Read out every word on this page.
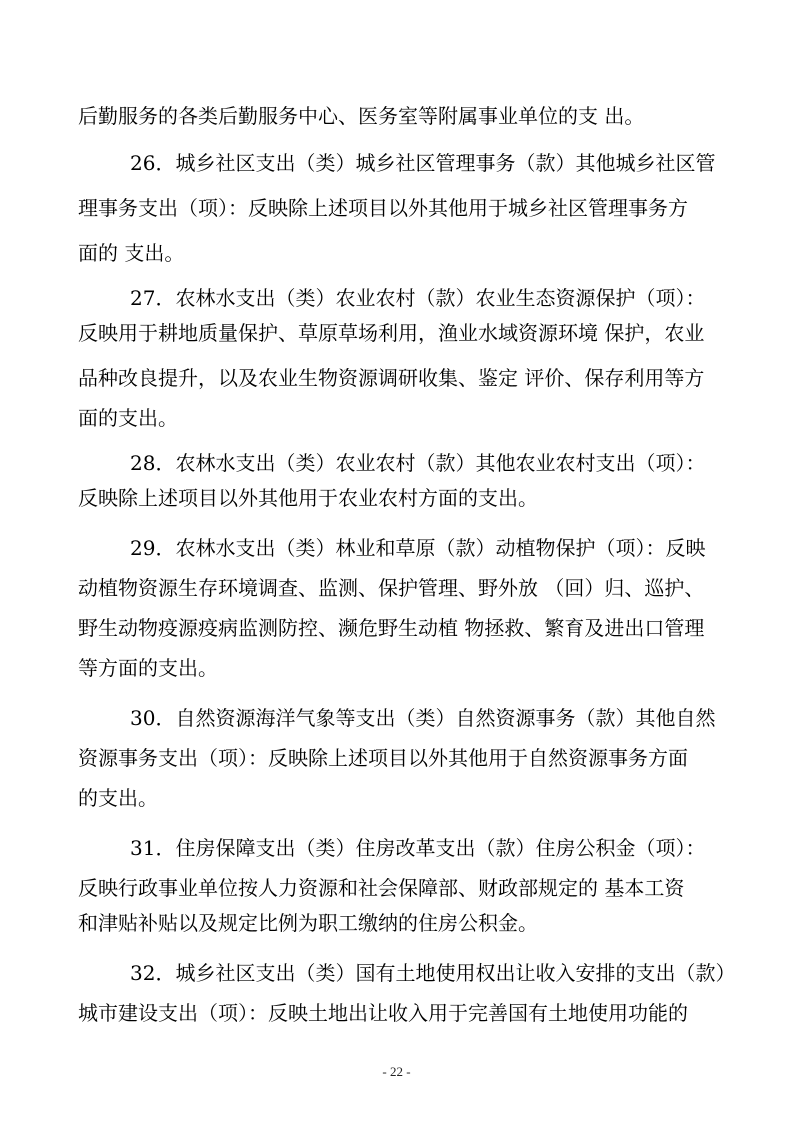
后勤服务的各类后勤服务中心、医务室等附属事业单位的支 出。
26．城乡社区支出（类）城乡社区管理事务（款）其他城乡社区管
理事务支出（项）：反映除上述项目以外其他用于城乡社区管理事务方
面的 支出。
27．农林水支出（类）农业农村（款）农业生态资源保护（项）：
反映用于耕地质量保护、草原草场利用，渔业水域资源环境 保护，农业
品种改良提升，以及农业生物资源调研收集、鉴定 评价、保存利用等方
面的支出。
28．农林水支出（类）农业农村（款）其他农业农村支出（项）：
反映除上述项目以外其他用于农业农村方面的支出。
29．农林水支出（类）林业和草原（款）动植物保护（项）：反映
动植物资源生存环境调查、监测、保护管理、野外放 （回）归、巡护、
野生动物疫源疫病监测防控、濒危野生动植 物拯救、繁育及进出口管理
等方面的支出。
30．自然资源海洋气象等支出（类）自然资源事务（款）其他自然
资源事务支出（项）：反映除上述项目以外其他用于自然资源事务方面
的支出。
31．住房保障支出（类）住房改革支出（款）住房公积金（项）：
反映行政事业单位按人力资源和社会保障部、财政部规定的 基本工资
和津贴补贴以及规定比例为职工缴纳的住房公积金。
32．城乡社区支出（类）国有土地使用权出让收入安排的支出（款）
城市建设支出（项）：反映土地出让收入用于完善国有土地使用功能的
- 22 -
